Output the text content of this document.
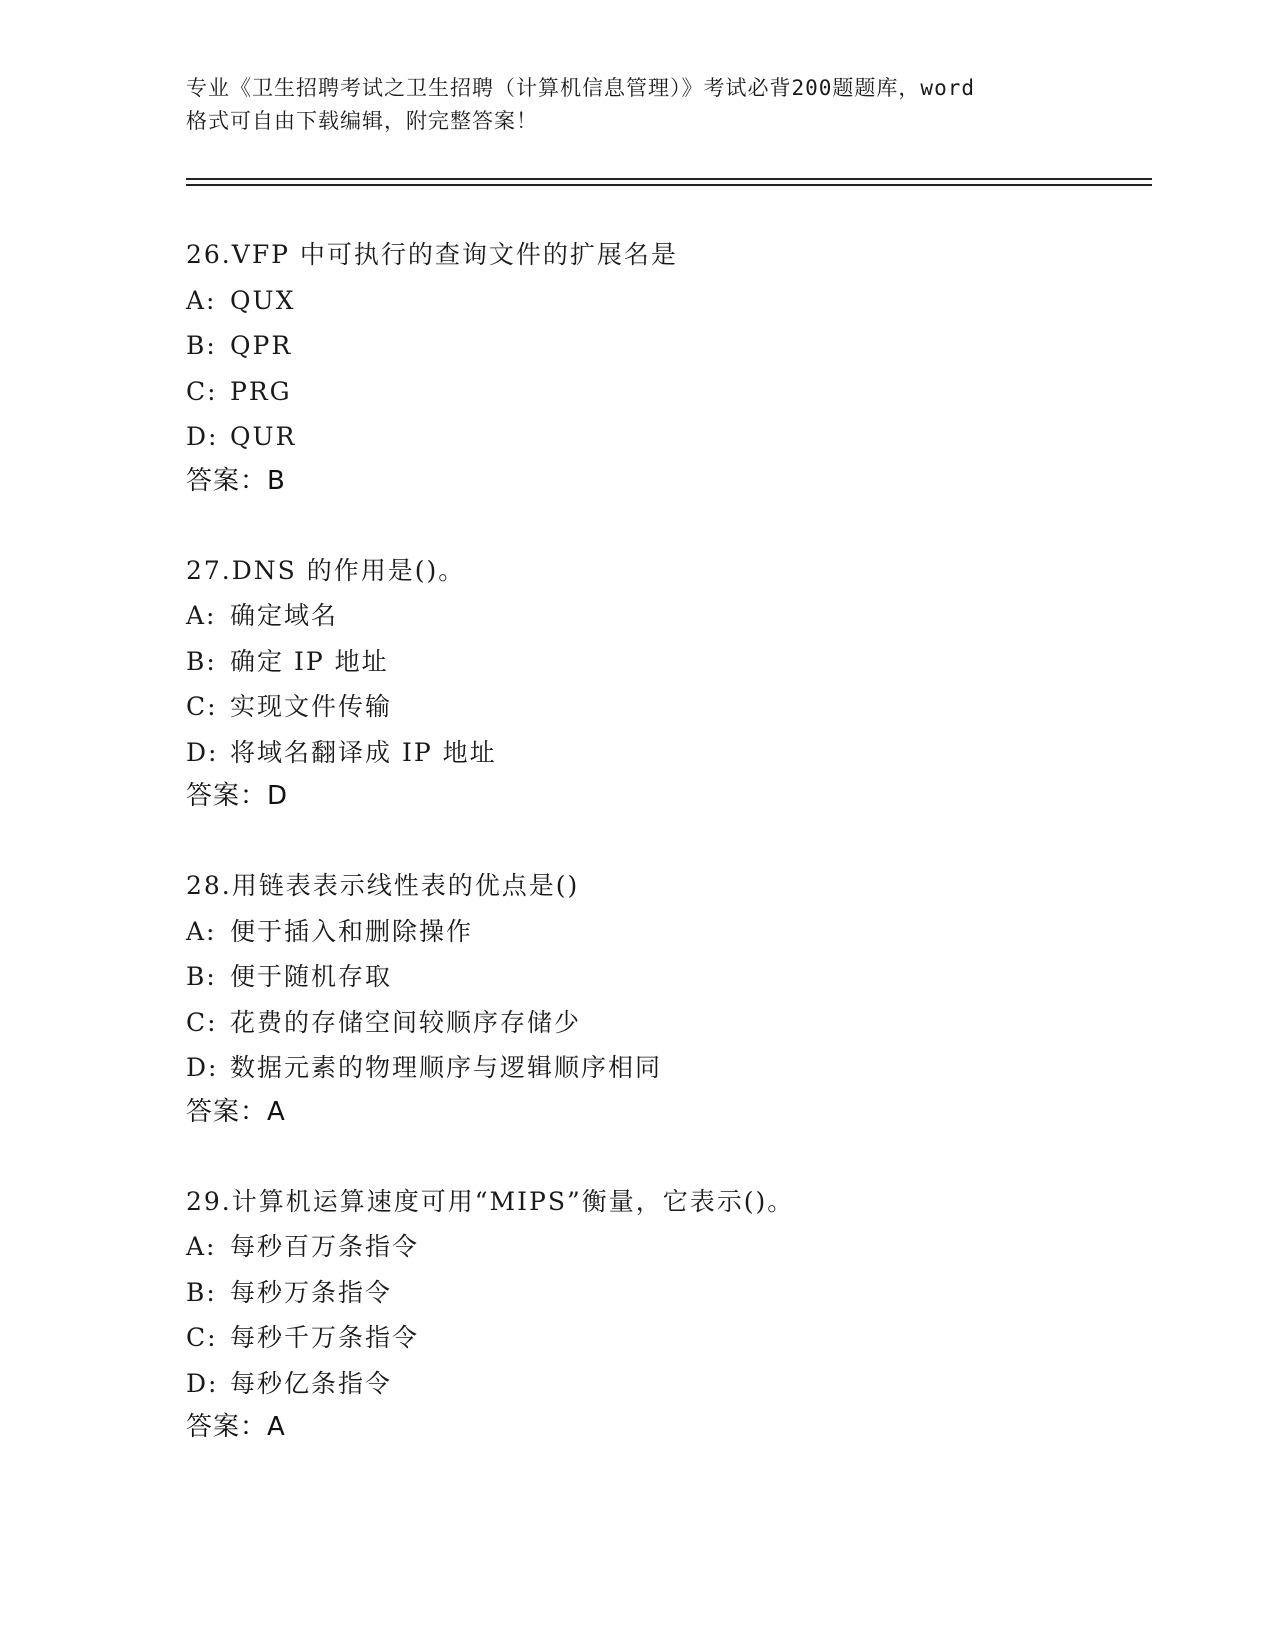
专业《卫生招聘考试之卫生招聘（计算机信息管理）》考试必背200题题库，word
格式可自由下载编辑，附完整答案！
26.VFP 中可执行的查询文件的扩展名是
A: QUX
B: QPR
C: PRG
D: QUR
答案：B
27.DNS 的作用是()。
A: 确定域名
B: 确定 IP 地址
C: 实现文件传输
D: 将域名翻译成 IP 地址
答案：D
28.用链表表示线性表的优点是()
A: 便于插入和删除操作
B: 便于随机存取
C: 花费的存储空间较顺序存储少
D: 数据元素的物理顺序与逻辑顺序相同
答案：A
29.计算机运算速度可用“MIPS”衡量，它表示()。
A: 每秒百万条指令
B: 每秒万条指令
C: 每秒千万条指令
D: 每秒亿条指令
答案：A
